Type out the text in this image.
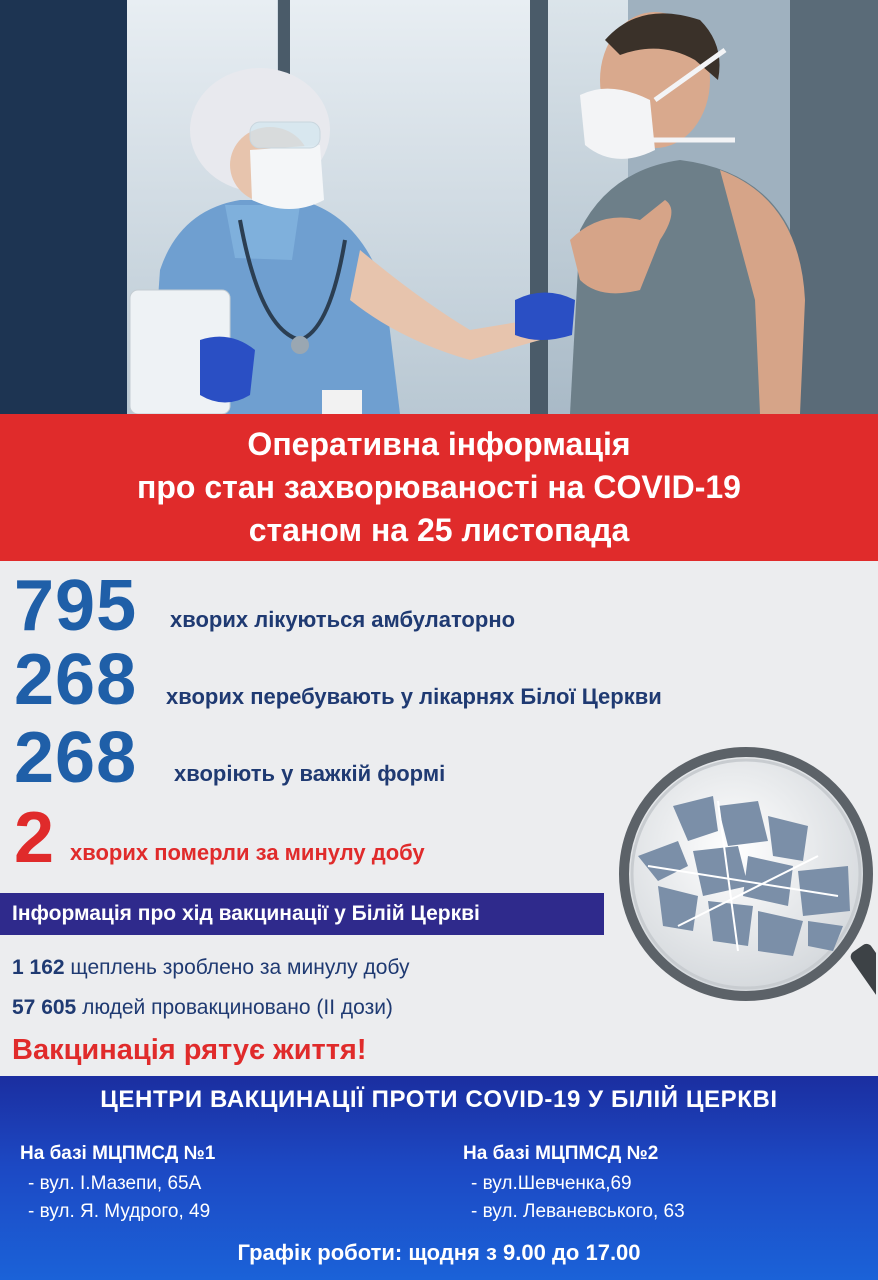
Оперативна інформація
про стан захворюваності на COVID-19
станом на 25 листопада
795 хворих лікуються амбулаторно
268 хворих перебувають у лікарнях Білої Церкви
268 хворіють у важкій формі
2 хворих померли за минулу добу
Інформація про хід вакцинації у Білій Церкві
1 162 щеплень зроблено за минулу добу
57 605 людей провакциновано (ІІ дози)
Вакцинація рятує життя!
ЦЕНТРИ ВАКЦИНАЦІЇ ПРОТИ COVID-19 У БІЛІЙ ЦЕРКВІ
На базі МЦПМСД №1
- вул. І.Мазепи, 65А
- вул. Я. Мудрого, 49
На базі МЦПМСД №2
- вул.Шевченка,69
- вул. Леваневського, 63
Графік роботи: щодня з 9.00 до 17.00
